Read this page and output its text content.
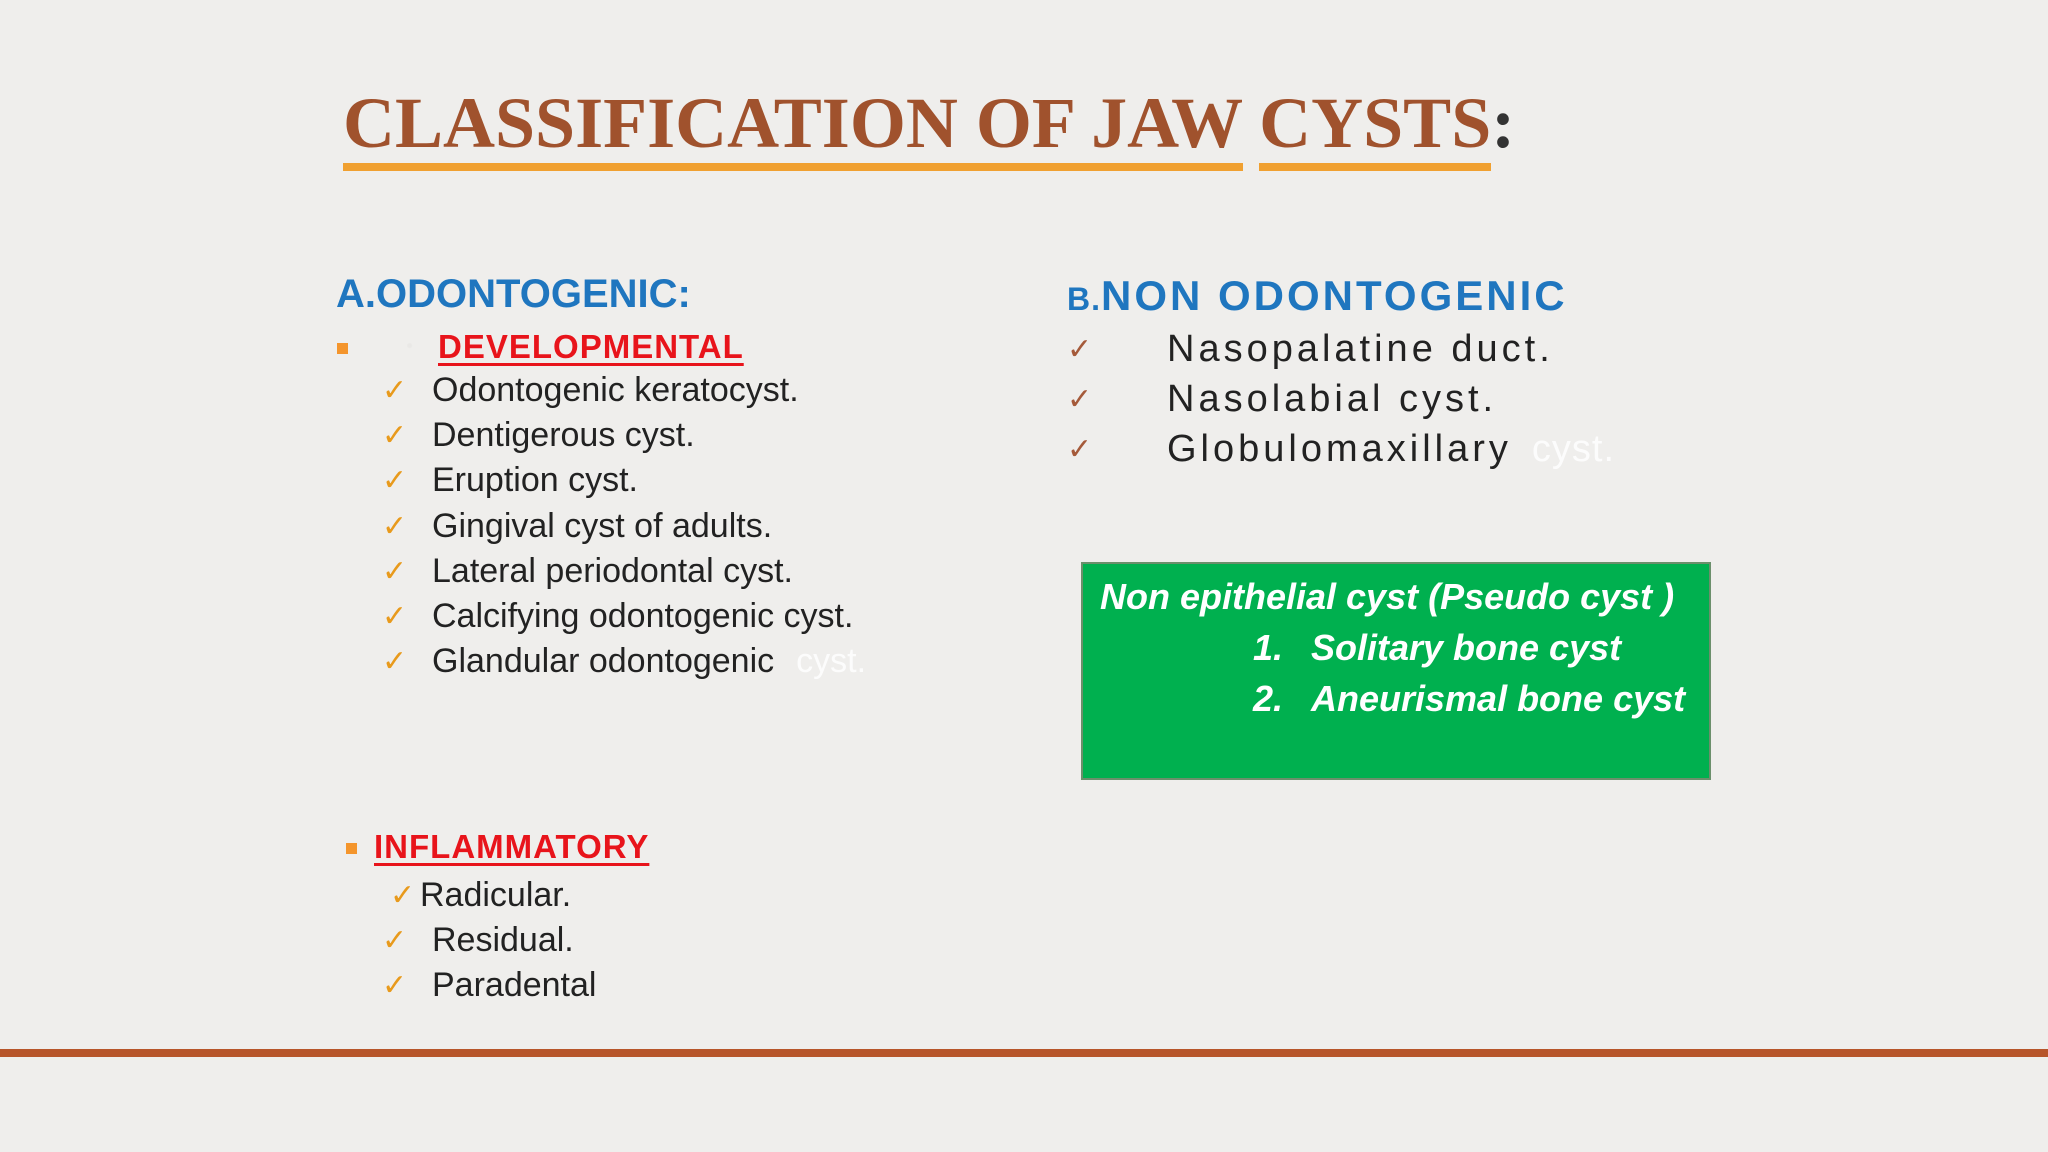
CLASSIFICATION OF JAW CYSTS:
A.ODONTOGENIC:
DEVELOPMENTAL
✓ Odontogenic keratocyst.
✓ Dentigerous cyst.
✓ Eruption cyst.
✓ Gingival cyst of adults.
✓ Lateral periodontal cyst.
✓ Calcifying odontogenic cyst.
✓ Glandular odontogenic cyst.
INFLAMMATORY
✓ Radicular.
✓ Residual.
✓ Paradental
B.NON ODONTOGENIC
✓	Nasopalatine duct.
✓	Nasolabial cyst.
✓	Globulomaxillary cyst.
Non epithelial cyst (Pseudo cyst )
1. Solitary bone cyst
2. Aneurismal bone cyst
